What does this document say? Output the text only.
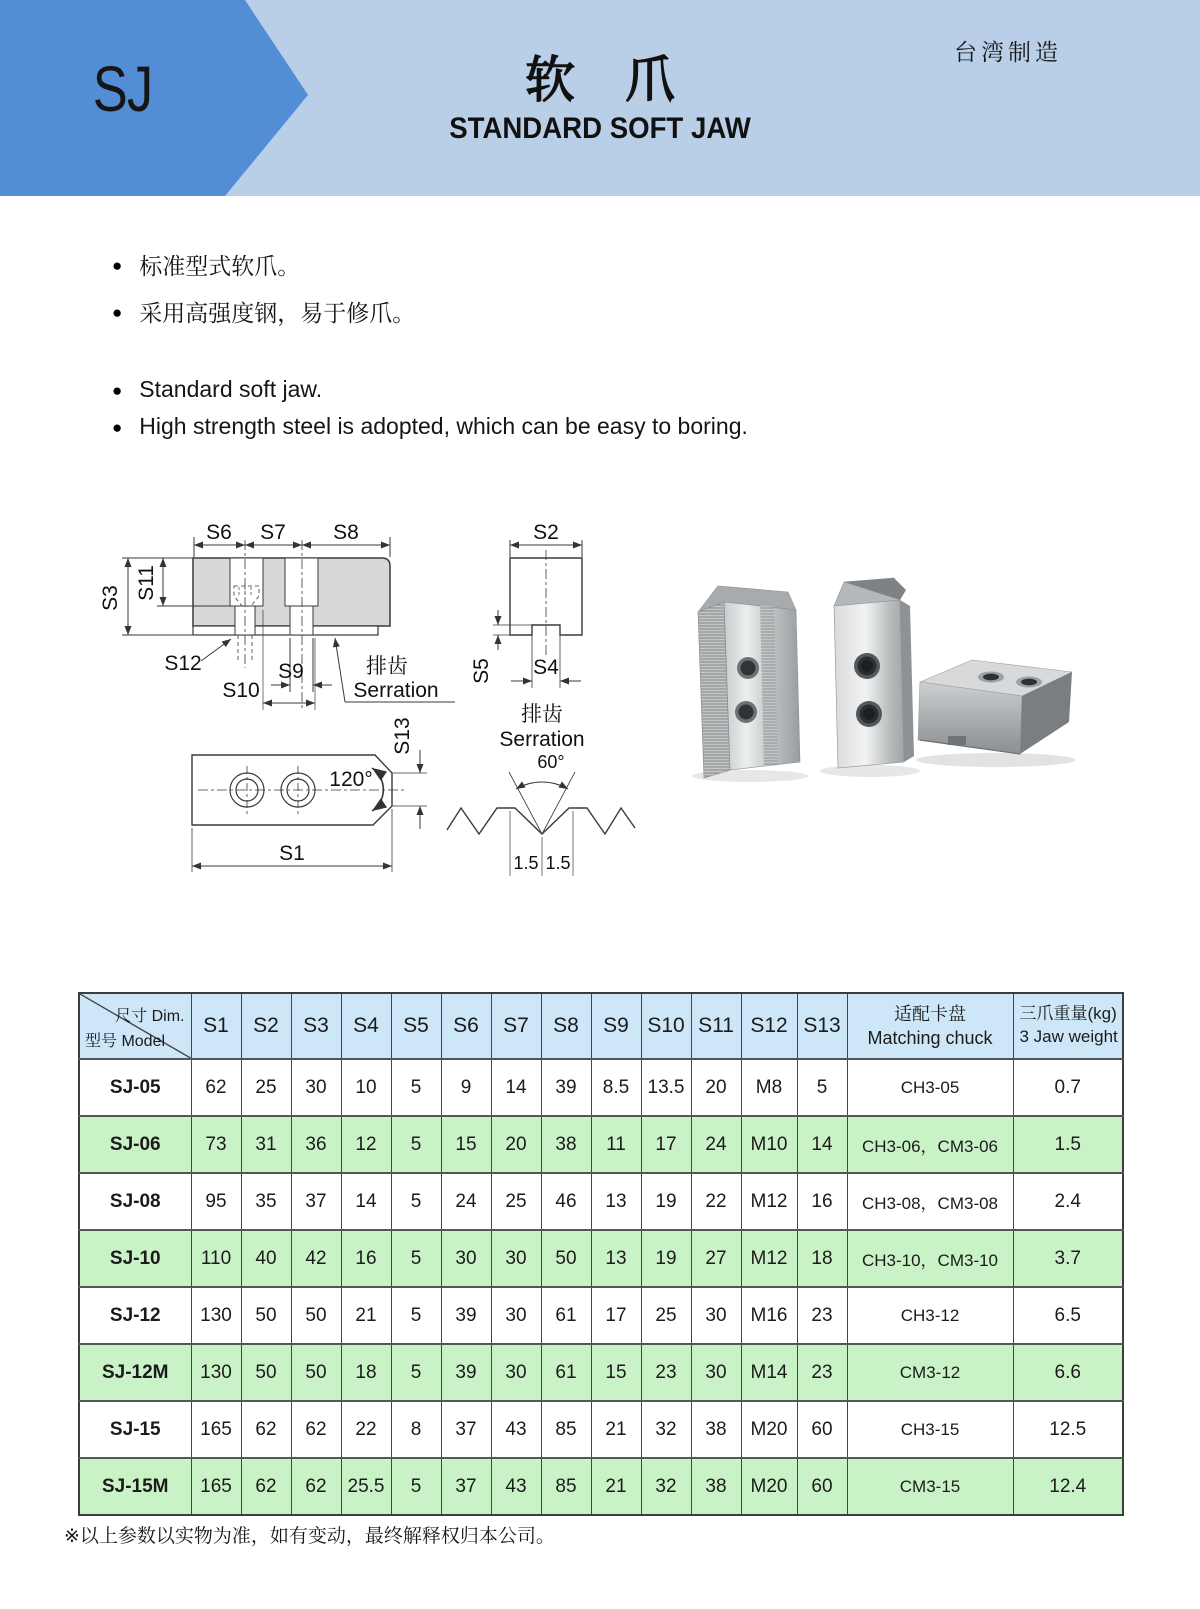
SJ	软　爪
STANDARD SOFT JAW
台湾制造
● 标准型式软爪。
● 采用高强度钢，易于修爪。
● Standard soft jaw.
● High strength steel is adopted, which can be easy to boring.
S6 S7 S8
S3 S11
S12	S9
S10
排齿
Serration
S2
S4
S5
排齿
Serration
60°
1.5 1.5
120°
S13
S1
尺寸 Dim.
型号 Model
	S1	S2	S3	S4	S5	S6	S7	S8	S9	S10	S11	S12	S13	
适配卡盘
Matching chuck

三爪重量(kg)
3 Jaw weight

SJ-05	62	25	30	10	5	9	14	39	8.5	13.5	20	M8	5	CH3-05	0.7
SJ-06	73	31	36	12	5	15	20	38	11	17	24	M10	14	CH3-06，CM3-06	1.5
SJ-08	95	35	37	14	5	24	25	46	13	19	22	M12	16	CH3-08，CM3-08	2.4
SJ-10	110	40	42	16	5	30	30	50	13	19	27	M12	18	CH3-10，CM3-10	3.7
SJ-12	130	50	50	21	5	39	30	61	17	25	30	M16	23	CH3-12	6.5
SJ-12M	130	50	50	18	5	39	30	61	15	23	30	M14	23	CM3-12	6.6
SJ-15	165	62	62	22	8	37	43	85	21	32	38	M20	60	CH3-15	12.5
SJ-15M	165	62	62	25.5	5	37	43	85	21	32	38	M20	60	CM3-15	12.4
※以上参数以实物为准，如有变动，最终解释权归本公司。
